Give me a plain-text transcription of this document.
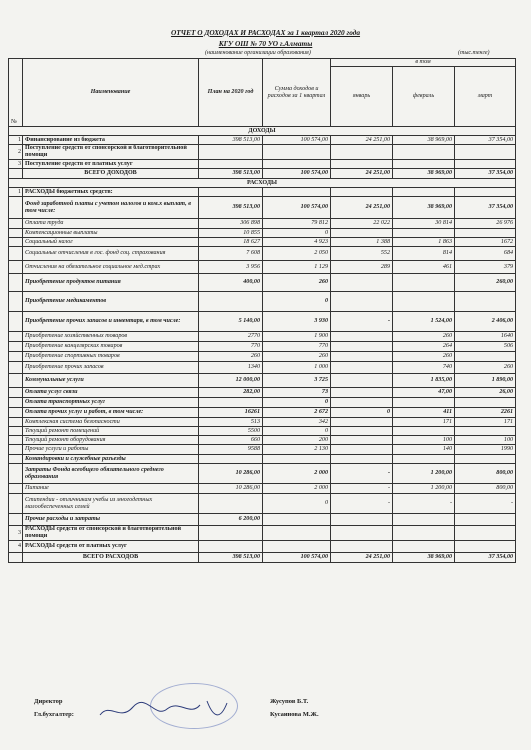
ОТЧЕТ О ДОХОДАХ И РАСХОДАХ за 1 квартал 2020 года
КГУ ОШ № 70 УО г.Алматы
(наименование организации образования)	(тыс.тенге)
№	Наименование	План на 2020 год	Сумма доходов и расходов за 1 квартал	в том		
				январь	февраль	март
ДОХОДЫ						
1	Финансирование из бюджета	398 513,00	100 574,00	24 251,00	38 969,00	37 354,00
2	Поступление средств от спонсорской и благотворительной помощи					
3	Поступление средств от платных услуг					
	ВСЕГО ДОХОДОВ	398 513,00	100 574,00	24 251,00	38 969,00	37 354,00
РАСХОДЫ						
1	РАСХОДЫ бюджетных средств:					
	Фонд заработной платы с учетом налогов и ком.х выплат, в том числе:	398 513,00	100 574,00	24 251,00	38 969,00	37 354,00
	Оплата труда	306 898	79 812	22 022	30 814	26 976
	Компенсационные выплаты	10 855	0			
	Социальный налог	18 627	4 923	1 388	1 863	1672
	Социальные отчисления в гос. фонд соц. страхования	7 608	2 050	552	814	684
	Отчисления на обязательное социальное мед.страх	3 956	1 129	289	461	379
	Приобретение продуктов питания	400,00	260			260,00
	Приобретение медикаментов		0			
	Приобретение прочих запасов и инвентаря, в том числе:	5 140,00	3 930	-	1 524,00	2 406,00
	Приобретение хозяйственных товаров	2770	1 900		260	1640
	Приобретение канцелярских товаров	770	770		264	506
	Приобретение спортивных товаров	260	260		260	
	Приобретение прочих запасов	1340	1 000		740	260
	Коммунальные услуги	12 000,00	3 725		1 835,00	1 890,00
	Оплата услуг связи	282,00	73		47,00	26,00
	Оплата транспортных услуг		0			
	Оплата прочих услуг и работ, в том числе:	16261	2 672	0	411	2261
	Комплексная система безопасности	513	342		171	171
	Текущий ремонт помещений	5500	0			
	Текущий ремонт оборудования	660	200		100	100
	Прочие услуги и работы	9588	2 130		140	1990
	Командировки и служебные разъезды					
	Затраты Фонда всеобщего обязательного среднего образования	10 286,00	2 000	-	1 200,00	800,00
	Питание	10 286,00	2 000	-	1 200,00	800,00
	Стипендии - отличникам учебы из многодетных малообеспеченных семей		0	-	-	-
	Прочие расходы и затраты	6 200,00				
3	РАСХОДЫ средств от спонсорской и благотворительной помощи					
4	РАСХОДЫ средств от платных услуг					
	ВСЕГО РАСХОДОВ	398 513,00	100 574,00	24 251,00	38 969,00	37 354,00
Директор	Жусупов Б.Т.
Гл.бухгалтер:	Кусаинова М.Ж.
